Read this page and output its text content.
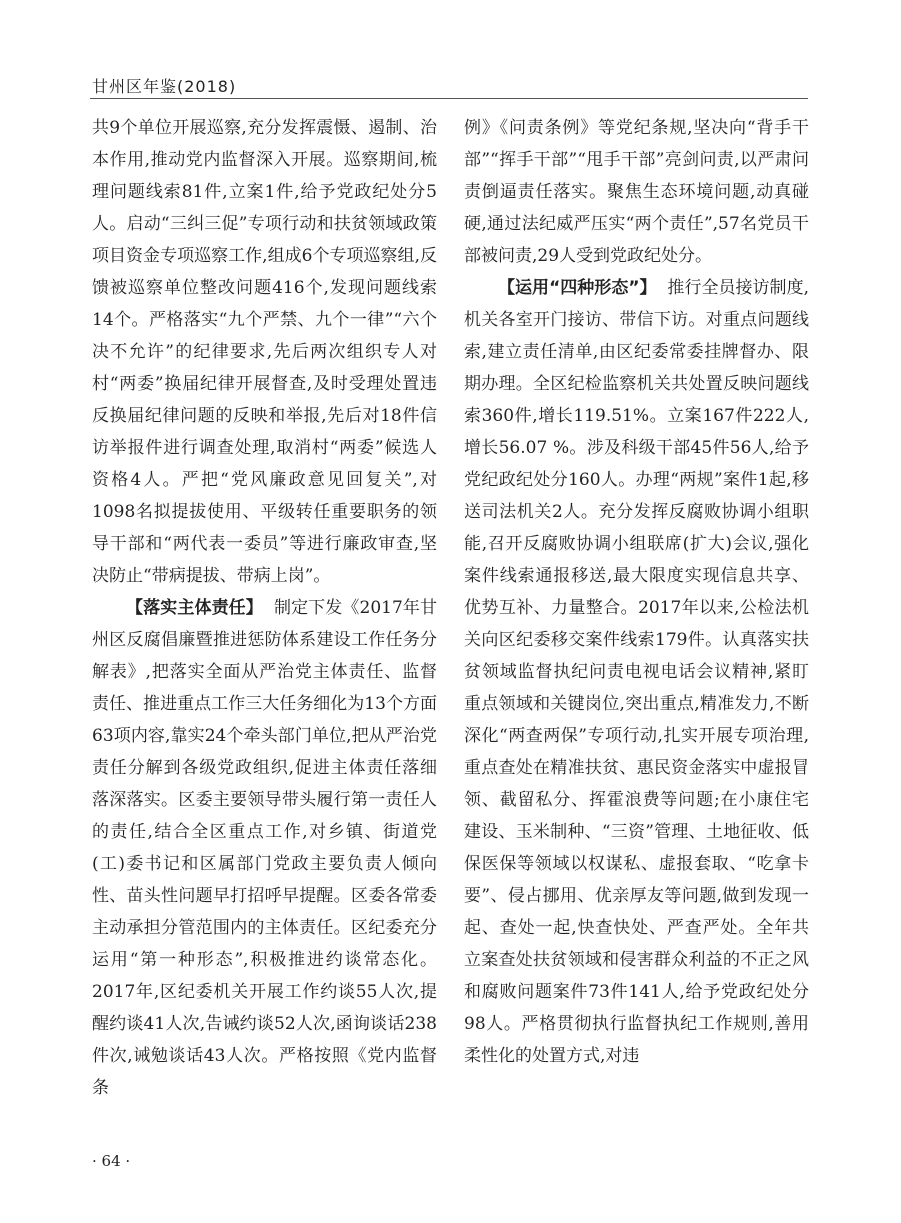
甘州区年鉴(2018)

共9个单位开展巡察,充分发挥震慑、遏制、治本作用,推动党内监督深入开展。巡察期间,梳理问题线索81件,立案1件,给予党政纪处分5人。启动“三纠三促”专项行动和扶贫领域政策项目资金专项巡察工作,组成6个专项巡察组,反馈被巡察单位整改问题416个,发现问题线索14个。严格落实“九个严禁、九个一律”“六个决不允许”的纪律要求,先后两次组织专人对村“两委”换届纪律开展督查,及时受理处置违反换届纪律问题的反映和举报,先后对18件信访举报件进行调查处理,取消村“两委”候选人资格4人。严把“党风廉政意见回复关”,对1098名拟提拔使用、平级转任重要职务的领导干部和“两代表一委员”等进行廉政审查,坚决防止“带病提拔、带病上岗”。

【落实主体责任】 制定下发《2017年甘州区反腐倡廉暨推进惩防体系建设工作任务分解表》,把落实全面从严治党主体责任、监督责任、推进重点工作三大任务细化为13个方面63项内容,靠实24个牵头部门单位,把从严治党责任分解到各级党政组织,促进主体责任落细落深落实。区委主要领导带头履行第一责任人的责任,结合全区重点工作,对乡镇、街道党(工)委书记和区属部门党政主要负责人倾向性、苗头性问题早打招呼早提醒。区委各常委主动承担分管范围内的主体责任。区纪委充分运用“第一种形态”,积极推进约谈常态化。2017年,区纪委机关开展工作约谈55人次,提醒约谈41人次,告诫约谈52人次,函询谈话238件次,诫勉谈话43人次。严格按照《党内监督条

例》《问责条例》等党纪条规,坚决向“背手干部”“挥手干部”“甩手干部”亮剑问责,以严肃问责倒逼责任落实。聚焦生态环境问题,动真碰硬,通过法纪威严压实“两个责任”,57名党员干部被问责,29人受到党政纪处分。

【运用“四种形态”】 推行全员接访制度,机关各室开门接访、带信下访。对重点问题线索,建立责任清单,由区纪委常委挂牌督办、限期办理。全区纪检监察机关共处置反映问题线索360件,增长119.51%。立案167件222人,增长56.07 %。涉及科级干部45件56人,给予党纪政纪处分160人。办理“两规”案件1起,移送司法机关2人。充分发挥反腐败协调小组职能,召开反腐败协调小组联席(扩大)会议,强化案件线索通报移送,最大限度实现信息共享、优势互补、力量整合。2017年以来,公检法机关向区纪委移交案件线索179件。认真落实扶贫领域监督执纪问责电视电话会议精神,紧盯重点领域和关键岗位,突出重点,精准发力,不断深化“两查两保”专项行动,扎实开展专项治理,重点查处在精准扶贫、惠民资金落实中虚报冒领、截留私分、挥霍浪费等问题;在小康住宅建设、玉米制种、“三资”管理、土地征收、低保医保等领域以权谋私、虚报套取、“吃拿卡要”、侵占挪用、优亲厚友等问题,做到发现一起、查处一起,快查快处、严查严处。全年共立案查处扶贫领域和侵害群众利益的不正之风和腐败问题案件73件141人,给予党政纪处分98人。严格贯彻执行监督执纪工作规则,善用柔性化的处置方式,对违

· 64 ·
